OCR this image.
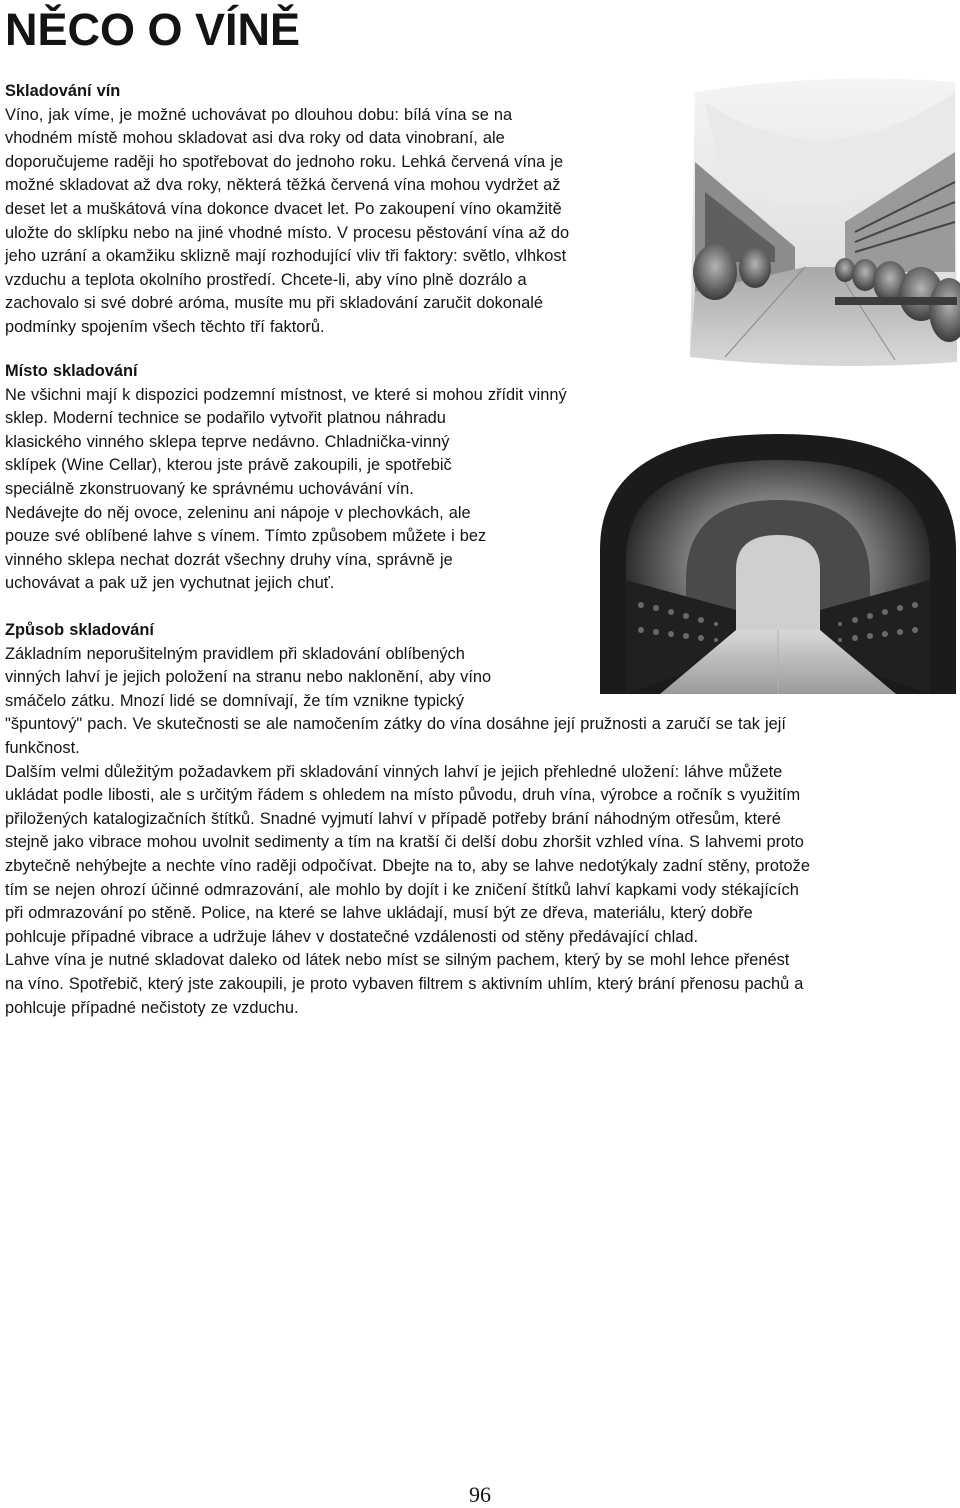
NĚCO O VÍNĚ
Skladování vín
Víno, jak víme, je možné uchovávat po dlouhou dobu: bílá vína se na
vhodném místě mohou skladovat asi dva roky od data vinobraní, ale
doporučujeme raději ho spotřebovat do jednoho roku. Lehká červená vína je
možné skladovat až dva roky, některá těžká červená vína mohou vydržet až
deset let a muškátová vína dokonce dvacet let. Po zakoupení víno okamžitě
uložte do sklípku nebo na jiné vhodné místo. V procesu pěstování vína až do
jeho uzrání a okamžiku sklizně mají rozhodující vliv tři faktory: světlo, vlhkost
vzduchu a teplota okolního prostředí. Chcete-li, aby víno plně dozrálo a
zachovalo si své dobré aróma, musíte mu při skladování zaručit dokonalé
podmínky spojením všech těchto tří faktorů.
Místo skladování
Ne všichni mají k dispozici podzemní místnost, ve které si mohou zřídit vinný
sklep. Moderní technice se podařilo vytvořit platnou náhradu
klasického vinného sklepa teprve nedávno. Chladnička-vinný
sklípek (Wine Cellar), kterou jste právě zakoupili, je spotřebič
speciálně zkonstruovaný ke správnému uchovávání vín.
Nedávejte do něj ovoce, zeleninu ani nápoje v plechovkách, ale
pouze své oblíbené lahve s vínem. Tímto způsobem můžete i bez
vinného sklepa nechat dozrát všechny druhy vína, správně je
uchovávat a pak už jen vychutnat jejich chuť.
Způsob skladování
Základním neporušitelným pravidlem při skladování oblíbených
vinných lahví je jejich položení na stranu nebo naklonění, aby víno
smáčelo zátku. Mnozí lidé se domnívají, že tím vznikne typický
"špuntový" pach. Ve skutečnosti se ale namočením zátky do vína dosáhne její pružnosti a zaručí se tak její
funkčnost.
Dalším velmi důležitým požadavkem při skladování vinných lahví je jejich přehledné uložení: láhve můžete
ukládat podle libosti, ale s určitým řádem s ohledem na místo původu, druh vína, výrobce a ročník s využitím
přiložených katalogizačních štítků. Snadné vyjmutí lahví v případě potřeby brání náhodným otřesům, které
stejně jako vibrace mohou uvolnit sedimenty a tím na kratší či delší dobu zhoršit vzhled vína. S lahvemi proto
zbytečně nehýbejte a nechte víno raději odpočívat. Dbejte na to, aby se lahve nedotýkaly zadní stěny, protože
tím se nejen ohrozí účinné odmrazování, ale mohlo by dojít i ke zničení štítků lahví kapkami vody stékajících
při odmrazování po stěně. Police, na které se lahve ukládají, musí být ze dřeva, materiálu, který dobře
pohlcuje případné vibrace a udržuje láhev v dostatečné vzdálenosti od stěny předávající chlad.
Lahve vína je nutné skladovat daleko od látek nebo míst se silným pachem, který by se mohl lehce přenést
na víno. Spotřebič, který jste zakoupili, je proto vybaven filtrem s aktivním uhlím, který brání přenosu pachů a
pohlcuje případné nečistoty ze vzduchu.
96
